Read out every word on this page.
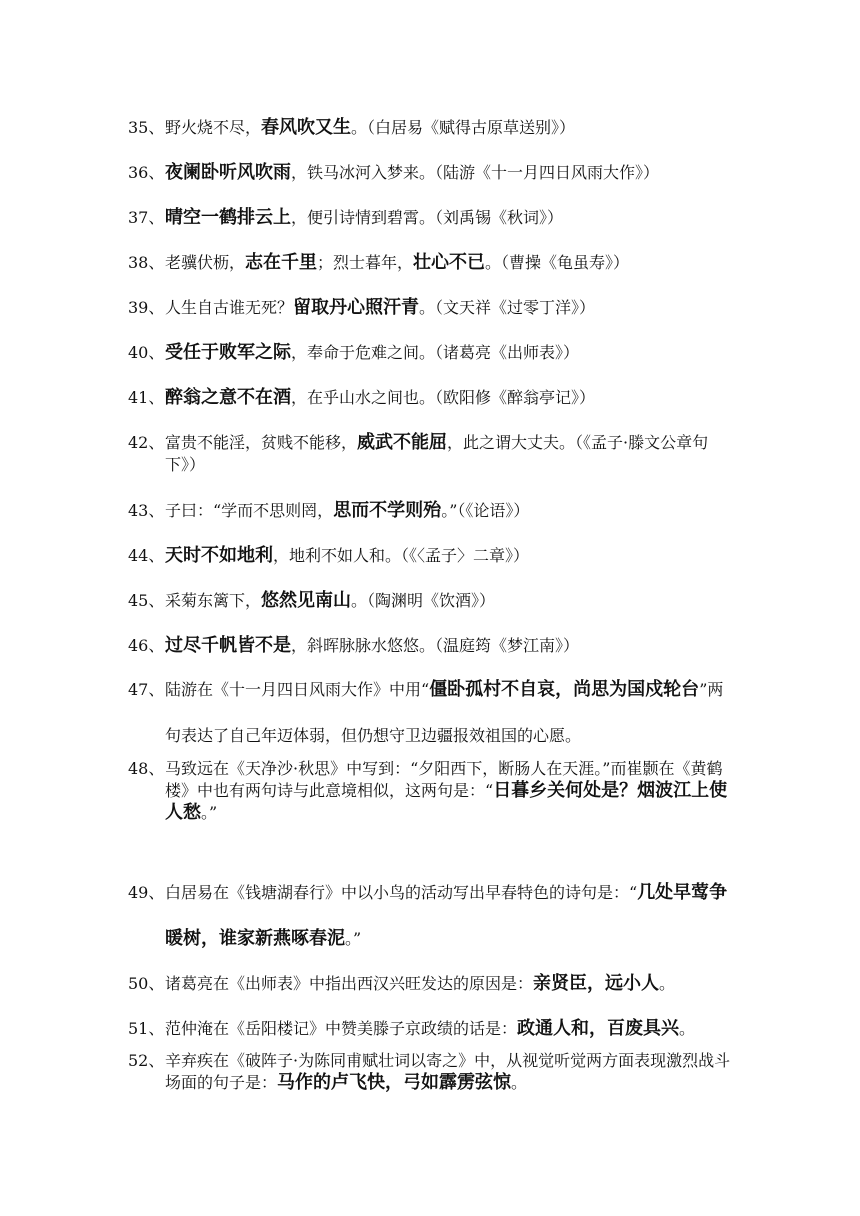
35、 野火烧不尽，春风吹又生。（白居易《赋得古原草送别》）
36、 夜阑卧听风吹雨，铁马冰河入梦来。（陆游《十一月四日风雨大作》）
37、 晴空一鹤排云上，便引诗情到碧霄。（刘禹锡《秋词》）
38、 老骥伏枥，志在千里；烈士暮年，壮心不已。（曹操《龟虽寿》）
39、 人生自古谁无死？留取丹心照汗青。（文天祥《过零丁洋》）
40、 受任于败军之际，奉命于危难之间。（诸葛亮《出师表》）
41、 醉翁之意不在酒，在乎山水之间也。（欧阳修《醉翁亭记》）
42、 富贵不能淫，贫贱不能移，威武不能屈，此之谓大丈夫。（《孟子·滕文公章句下》）
43、 子曰：“学而不思则罔，思而不学则殆。”（《论语》）
44、 天时不如地利，地利不如人和。（《〈孟子〉二章》）
45、 采菊东篱下，悠然见南山。（陶渊明《饮酒》）
46、 过尽千帆皆不是，斜晖脉脉水悠悠。（温庭筠《梦江南》）
47、 陆游在《十一月四日风雨大作》中用“僵卧孤村不自哀，尚思为国戍轮台”两句表达了自己年迈体弱，但仍想守卫边疆报效祖国的心愿。
48、 马致远在《天净沙·秋思》中写到：“夕阳西下，断肠人在天涯。”而崔颢在《黄鹤楼》中也有两句诗与此意境相似，这两句是：“日暮乡关何处是？烟波江上使人愁。”
49、 白居易在《钱塘湖春行》中以小鸟的活动写出早春特色的诗句是：“几处早莺争暖树，谁家新燕啄春泥。”
50、 诸葛亮在《出师表》中指出西汉兴旺发达的原因是：亲贤臣，远小人。
51、 范仲淹在《岳阳楼记》中赞美滕子京政绩的话是：政通人和，百废具兴。
52、 辛弃疾在《破阵子·为陈同甫赋壮词以寄之》中，从视觉听觉两方面表现激烈战斗场面的句子是：马作的卢飞快，弓如霹雳弦惊。
